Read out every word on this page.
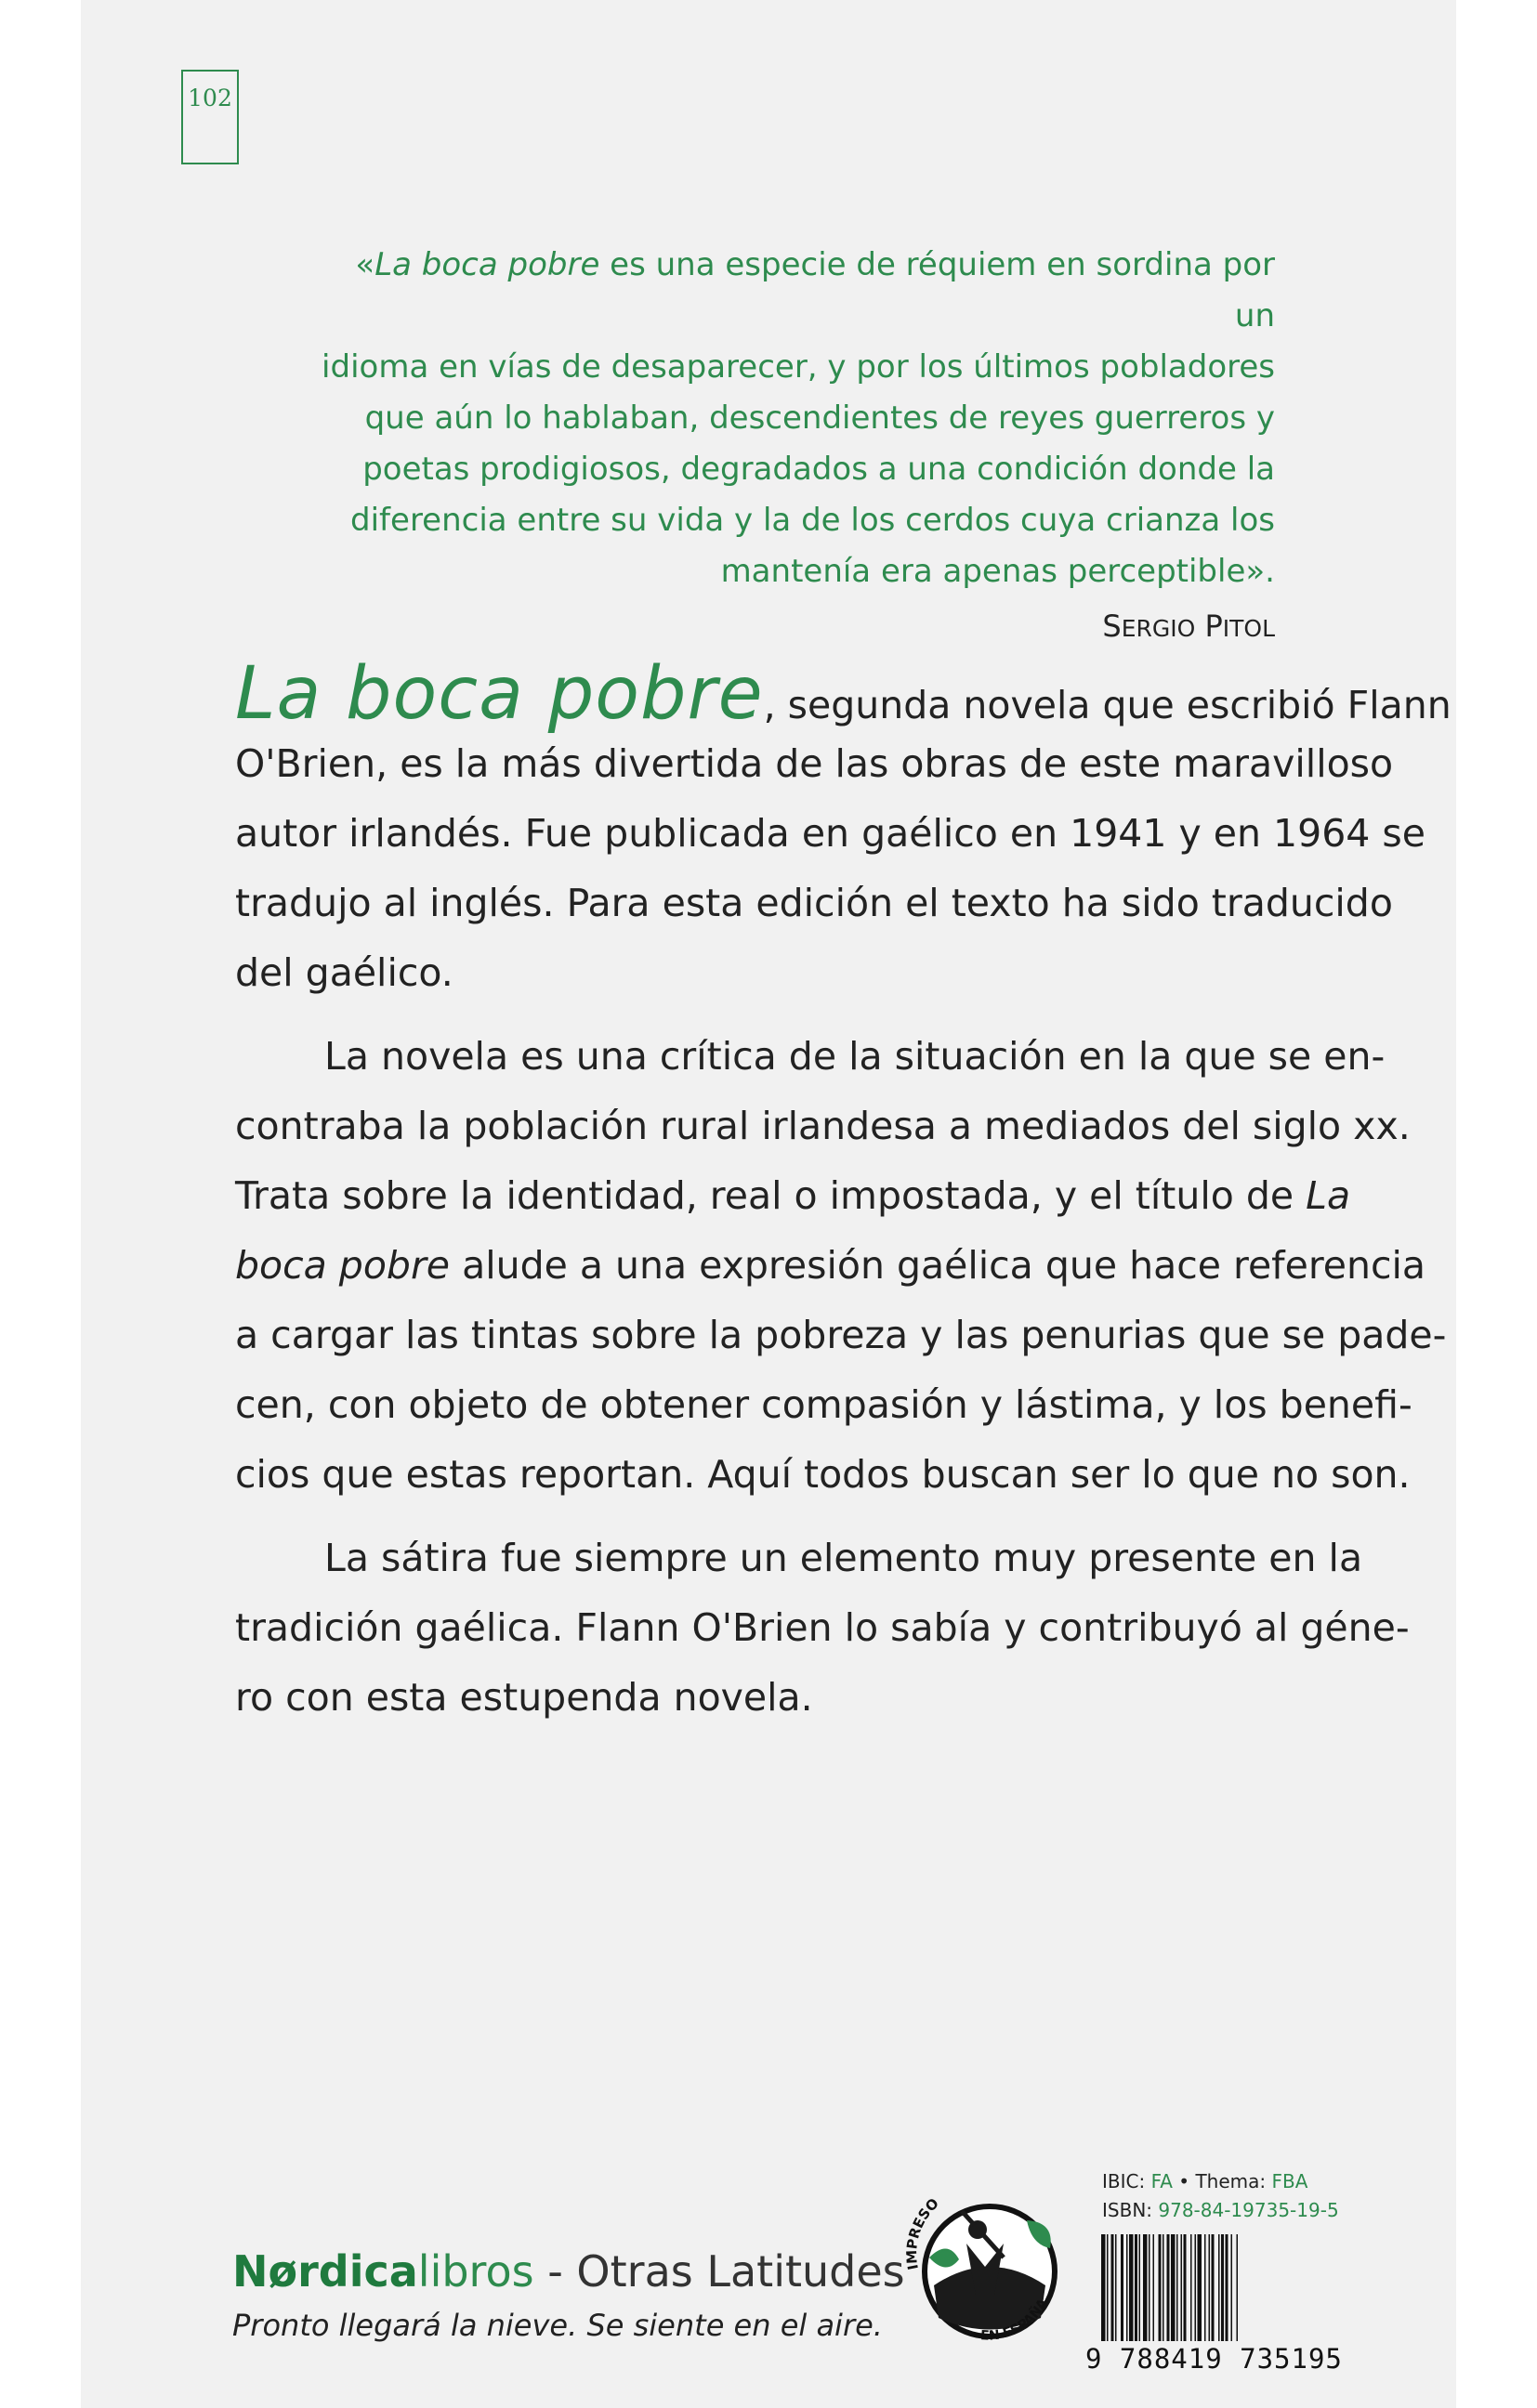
102

«La boca pobre es una especie de réquiem en sordina por un

idioma en vías de desaparecer, y por los últimos pobladores

que aún lo hablaban, descendientes de reyes guerreros y

poetas prodigiosos, degradados a una condición donde la

diferencia entre su vida y la de los cerdos cuya crianza los

mantenía era apenas perceptible».

SERGIO PITOL

La boca pobre, segunda novela que escribió Flann
O'Brien, es la más divertida de las obras de este maravilloso
autor irlandés. Fue publicada en gaélico en 1941 y en 1964 se
tradujo al inglés. Para esta edición el texto ha sido traducido
del gaélico.
La novela es una crítica de la situación en la que se en-
contraba la población rural irlandesa a mediados del siglo xx.
Trata sobre la identidad, real o impostada, y el título de La
boca pobre alude a una expresión gaélica que hace referencia
a cargar las tintas sobre la pobreza y las penurias que se pade-
cen, con objeto de obtener compasión y lástima, y los benefi-
cios que estas reportan. Aquí todos buscan ser lo que no son.
La sátira fue siempre un elemento muy presente en la
tradición gaélica. Flann O'Brien lo sabía y contribuyó al géne-
ro con esta estupenda novela.
Nørdicalibros - Otras Latitudes
Pronto llegará la nieve. Se siente en el aire.
IMPRESO
EN ESPAÑA
IBIC: FA • Thema: FBA
ISBN: 978-84-19735-19-5
9 788419 735195
